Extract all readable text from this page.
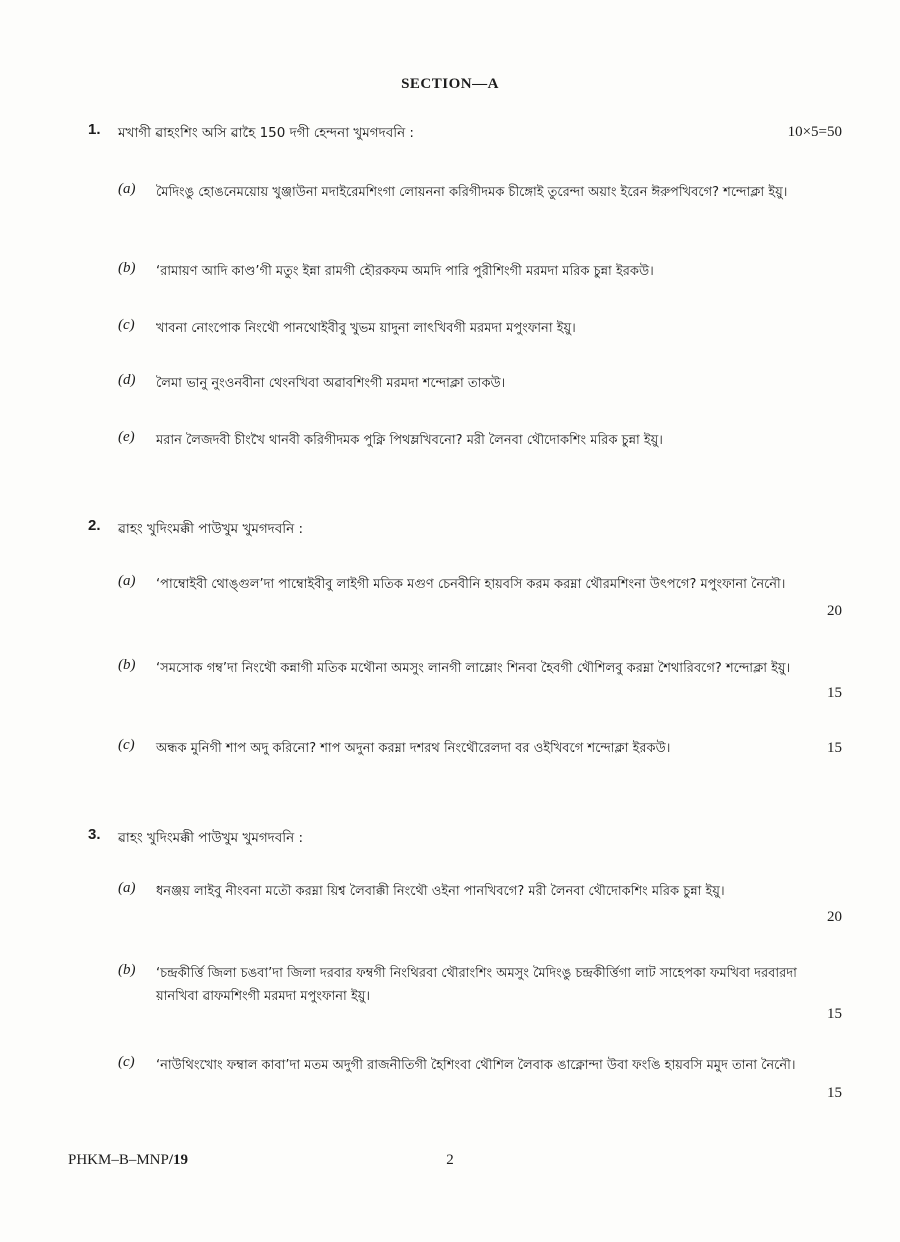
SECTION—A
1. মখাগী ৱাহংশিং অসি ৱাহৈ 150 দগী হেন্দনা খুমগদবনি :	10×5=50
(a) মৈদিংঙু হোঙনেময়োয় খুঞ্জাউনা মদাইরেমশিংগা লোয়ননা করিগীদমক চীঙ্গোই তুরেন্দা অয়াং ইরেন ঈরুপখিবগে? শন্দোক্লা ইয়ু।
(b) ‘রামায়ণ আদি কাণ্ড’গী মতুং ইন্না রামগী হৌরকফম অমদি পারি পুরীশিংগী মরমদা মরিক চুন্না ইরকউ।
(c) খাবনা নোংপোক নিংথৌ পানথোইবীবু খুভম য়াদুনা লাৎখিবগী মরমদা মপুংফানা ইয়ু।
(d) লৈমা ভানু নুংওনবীনা থেংনখিবা অৱাবশিংগী মরমদা শন্দোক্লা তাকউ।
(e) মরান লৈজদবী চীংখৈ থানবী করিগীদমক পুক্নি পিথম্লখিবনো? মরী লৈনবা থৌদোকশিং মরিক চুন্না ইয়ু।
2. ৱাহং খুদিংমক্কী পাউখুম খুমগদবনি :
(a) ‘পাম্বোইবী থোঙ্গুল’দা পাম্বোইবীবু লাইগী মতিক মগুণ চেনবীনি হায়বসি করম করম্না থৌরমশিংনা উৎপগে? মপুংফানা নৈনৌ।
20
(b) ‘সমসোক গম্ব’দা নিংথৌ কন্নাগী মতিক মথৌনা অমসুং লানগী লাম্লোং শিনবা হৈবগী থৌশিলবু করম্না শৈথারিবগে? শন্দোক্লা ইয়ু।
15
(c) অন্ধক মুনিগী শাপ অদু করিনো? শাপ অদুনা করম্না দশরথ নিংথৌরেলদা বর ওইখিবগে শন্দোক্লা ইরকউ।	15
3. ৱাহং খুদিংমক্কী পাউখুম খুমগদবনি :
(a) ধনঞ্জয় লাইবু নীংবনা মতৌ করম্না য়িশ্ব লৈবাক্কী নিংথৌ ওইনা পানখিবগে? মরী লৈনবা থৌদোকশিং মরিক চুন্না ইয়ু।
20
(b) ‘চন্দ্রকীর্ত্তি জিলা চঙবা’দা জিলা দরবার ফম্বগী নিংথিরবা থৌরাংশিং অমসুং মৈদিংঙু চন্দ্রকীর্ত্তিগা লাট সাহেপকা ফমখিবা দরবারদা য়ানখিবা ৱাফমশিংগী মরমদা মপুংফানা ইয়ু।
15
(c) ‘নাউথিংখোং ফম্বাল কাবা’দা মতম অদুগী রাজনীতিগী হৈশিংবা থৌশিল লৈবাক ঙাক্নোন্দা উবা ফংঙি হায়বসি মমুদ তানা নৈনৌ।
15
PHKM–B–MNP/19	2
